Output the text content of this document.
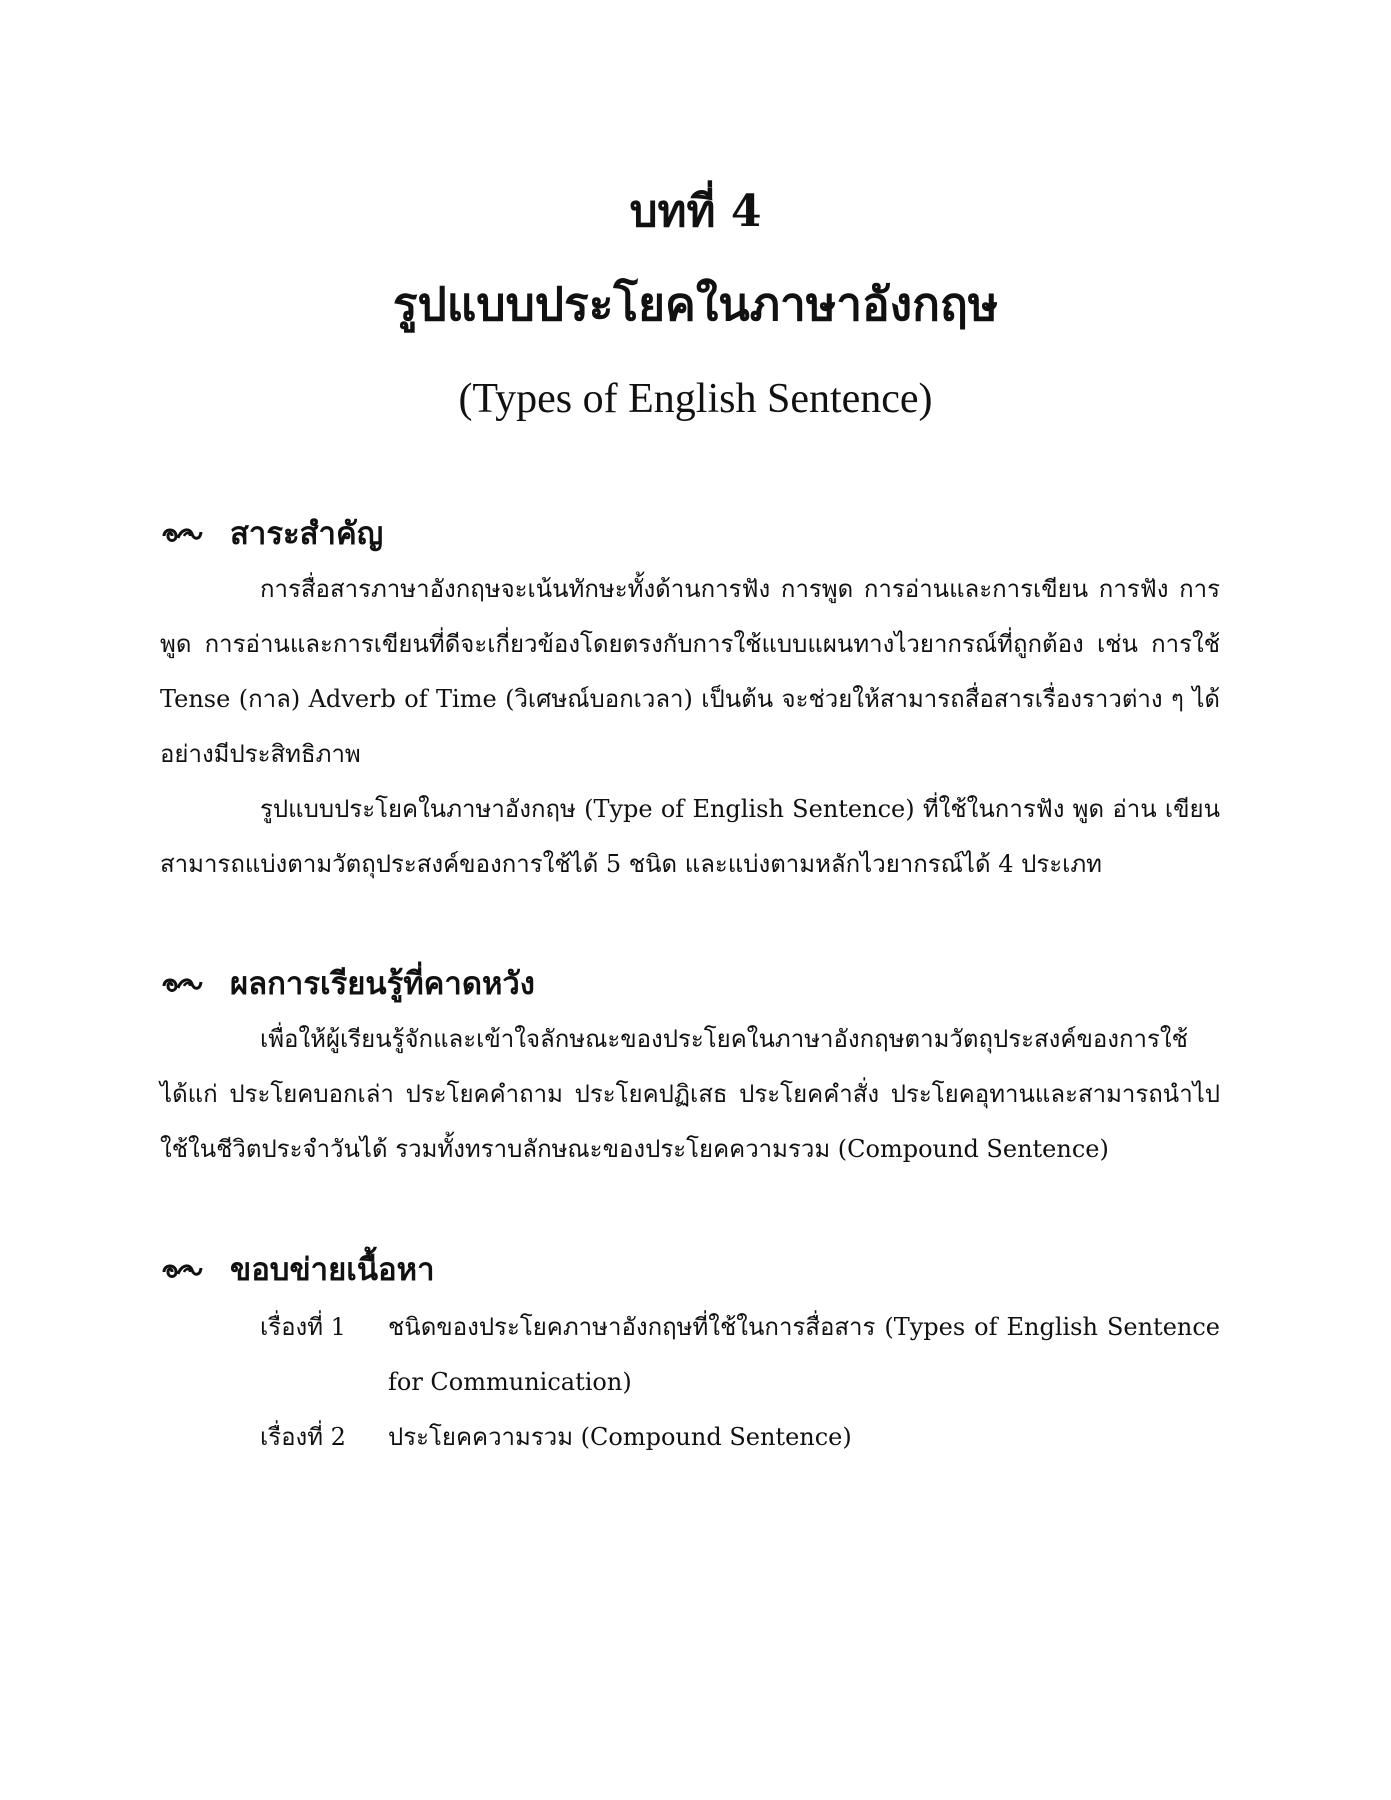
บทที่ 4
รูปแบบประโยคในภาษาอังกฤษ
(Types of English Sentence)
สาระสำคัญ

การสื่อสารภาษาอังกฤษจะเน้นทักษะทั้งด้านการฟัง การพูด การอ่านและการเขียน การฟัง การพูด การอ่านและการเขียนที่ดีจะเกี่ยวข้องโดยตรงกับการใช้แบบแผนทางไวยากรณ์ที่ถูกต้อง เช่น การใช้ Tense (กาล) Adverb of Time (วิเศษณ์บอกเวลา) เป็นต้น จะช่วยให้สามารถสื่อสารเรื่องราวต่าง ๆ ได้อย่างมีประสิทธิภาพ

รูปแบบประโยคในภาษาอังกฤษ (Type of English Sentence) ที่ใช้ในการฟัง พูด อ่าน เขียน สามารถแบ่งตามวัตถุประสงค์ของการใช้ได้ 5 ชนิด และแบ่งตามหลักไวยากรณ์ได้ 4 ประเภท

ผลการเรียนรู้ที่คาดหวัง

เพื่อให้ผู้เรียนรู้จักและเข้าใจลักษณะของประโยคในภาษาอังกฤษตามวัตถุประสงค์ของการใช้ ได้แก่ ประโยคบอกเล่า ประโยคคำถาม ประโยคปฏิเสธ ประโยคคำสั่ง ประโยคอุทานและสามารถนำไปใช้ในชีวิตประจำวันได้ รวมทั้งทราบลักษณะของประโยคความรวม (Compound Sentence)

ขอบข่ายเนื้อหา
เรื่องที่ 1	ชนิดของประโยคภาษาอังกฤษที่ใช้ในการสื่อสาร (Types of English Sentence for Communication)
เรื่องที่ 2	ประโยคความรวม (Compound Sentence)
